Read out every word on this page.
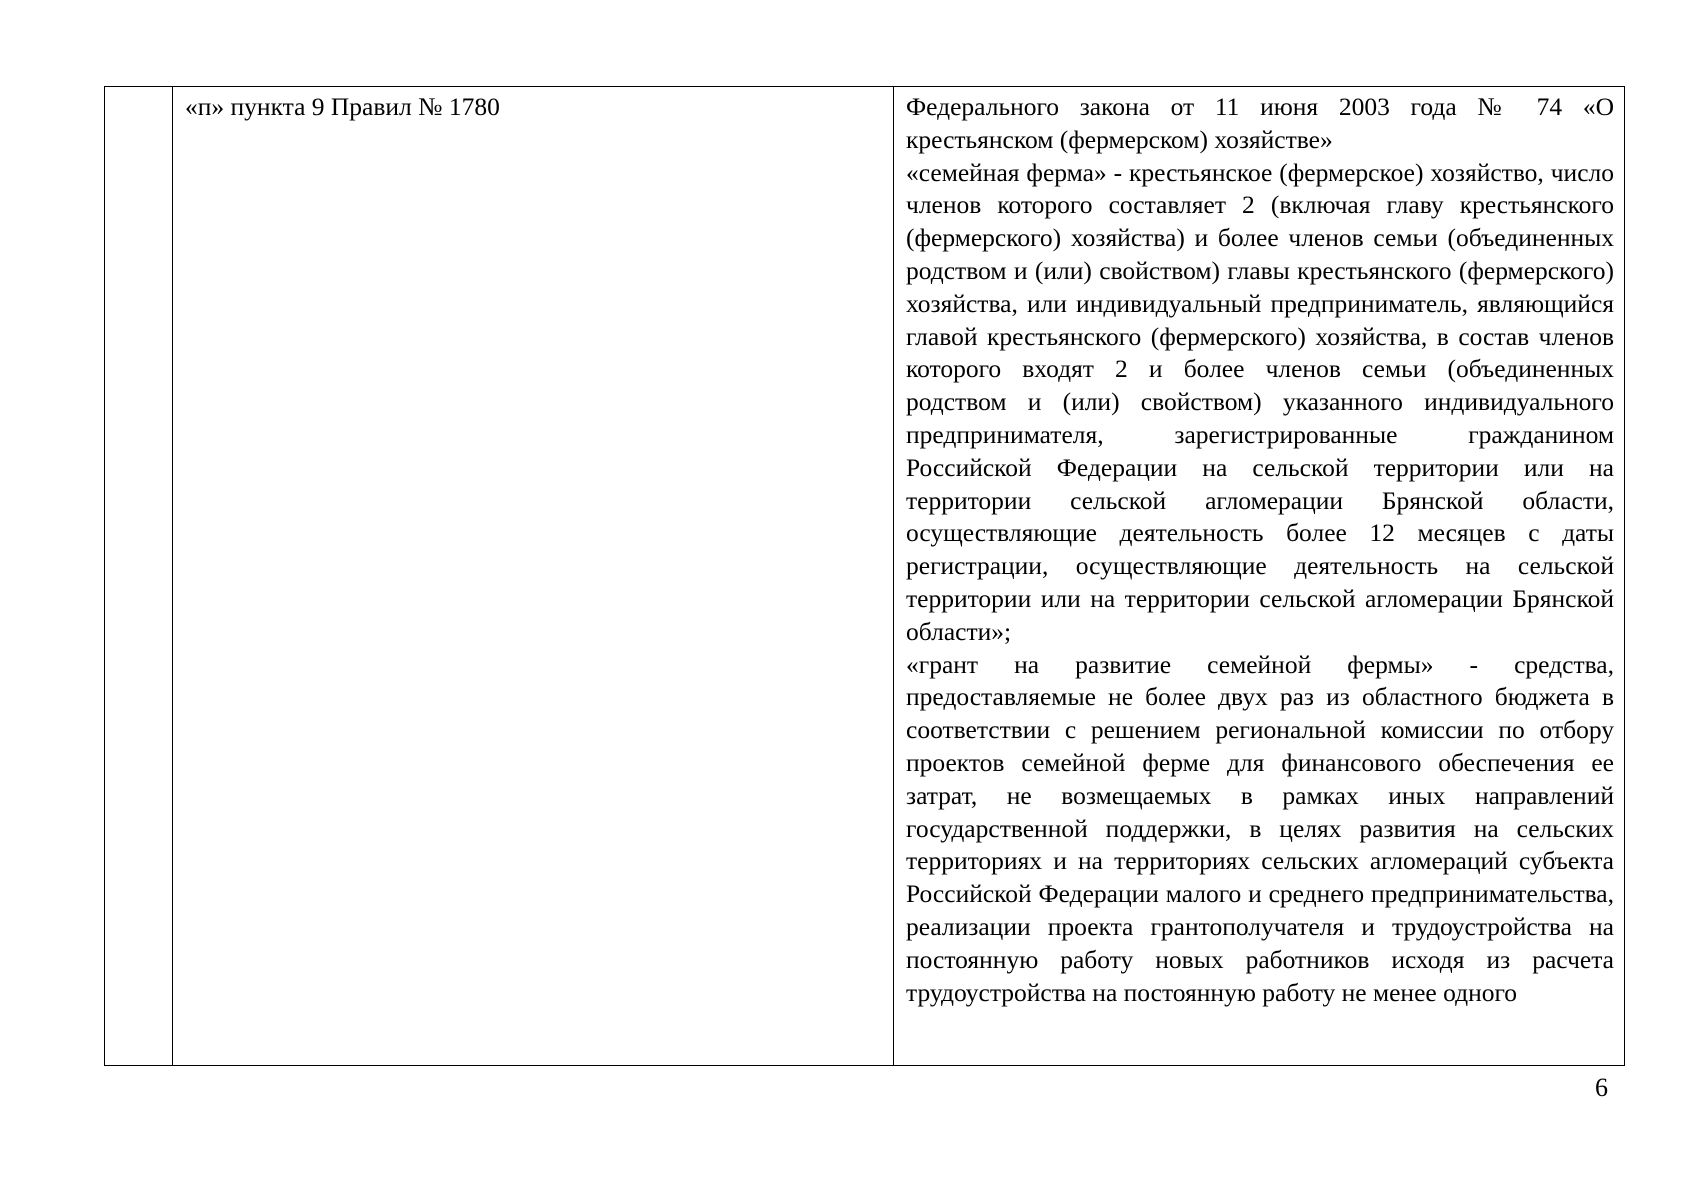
«п» пункта 9 Правил № 1780	Федерального закона от 11 июня 2003 года № 74 «О крестьянском (фермерском) хозяйстве»

«семейная ферма» - крестьянское (фермерское) хозяйство, число членов которого составляет 2 (включая главу крестьянского (фермерского) хозяйства) и более членов семьи (объединенных родством и (или) свойством) главы крестьянского (фермерского) хозяйства, или индивидуальный предприниматель, являющийся главой крестьянского (фермерского) хозяйства, в состав членов которого входят 2 и более членов семьи (объединенных родством и (или) свойством) указанного индивидуального предпринимателя, зарегистрированные гражданином Российской Федерации на сельской территории или на территории сельской агломерации Брянской области, осуществляющие деятельность более 12 месяцев с даты регистрации, осуществляющие деятельность на сельской территории или на территории сельской агломерации Брянской области»;

«грант на развитие семейной фермы» - средства, предоставляемые не более двух раз из областного бюджета в соответствии с решением региональной комиссии по отбору проектов семейной ферме для финансового обеспечения ее затрат, не возмещаемых в рамках иных направлений государственной поддержки, в целях развития на сельских территориях и на территориях сельских агломераций субъекта Российской Федерации малого и среднего предпринимательства, реализации проекта грантополучателя и трудоустройства на постоянную работу новых работников исходя из расчета трудоустройства на постоянную работу не менее одного

6
